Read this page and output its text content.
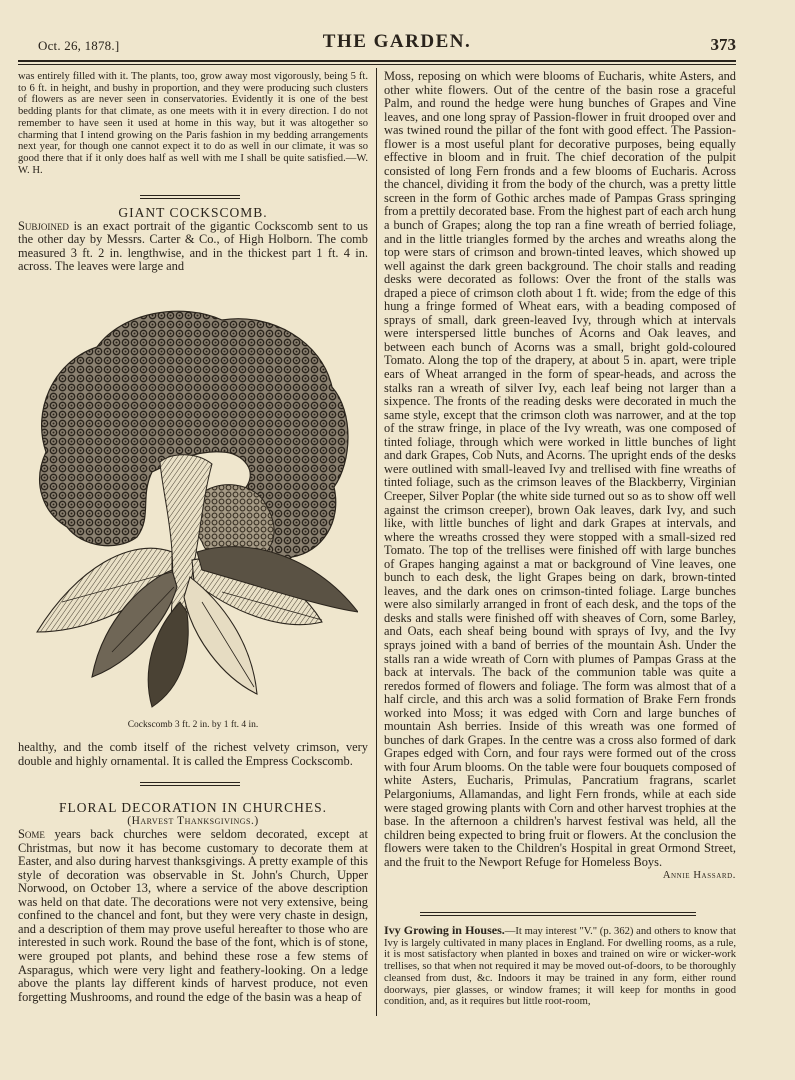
Oct. 26, 1878.]	THE GARDEN.	373

was entirely filled with it. The plants, too, grow away most vigorously, being 5 ft. to 6 ft. in height, and bushy in proportion, and they were producing such clusters of flowers as are never seen in conservatories. Evidently it is one of the best bedding plants for that climate, as one meets with it in every direction. I do not remember to have seen it used at home in this way, but it was altogether so charming that I intend growing on the Paris fashion in my bedding arrangements next year, for though one cannot expect it to do as well in our climate, it was so good there that if it only does half as well with me I shall be quite satisfied.—W. W. H.

GIANT COCKSCOMB.

Subjoined is an exact portrait of the gigantic Cockscomb sent to us the other day by Messrs. Carter & Co., of High Holborn. The comb measured 3 ft. 2 in. lengthwise, and in the thickest part 1 ft. 4 in. across. The leaves were large and

Cockscomb 3 ft. 2 in. by 1 ft. 4 in.

healthy, and the comb itself of the richest velvety crimson, very double and highly ornamental. It is called the Empress Cockscomb.

FLORAL DECORATION IN CHURCHES.

(Harvest Thanksgivings.)

Some years back churches were seldom decorated, except at Christmas, but now it has become customary to decorate them at Easter, and also during harvest thanksgivings. A pretty example of this style of decoration was observable in St. John's Church, Upper Norwood, on October 13, where a service of the above description was held on that date. The decorations were not very extensive, being confined to the chancel and font, but they were very chaste in design, and a description of them may prove useful hereafter to those who are interested in such work. Round the base of the font, which is of stone, were grouped pot plants, and behind these rose a few stems of Asparagus, which were very light and feathery-looking. On a ledge above the plants lay different kinds of harvest produce, not even forgetting Mushrooms, and round the edge of the basin was a heap of

Moss, reposing on which were blooms of Eucharis, white Asters, and other white flowers. Out of the centre of the basin rose a graceful Palm, and round the hedge were hung bunches of Grapes and Vine leaves, and one long spray of Passion-flower in fruit drooped over and was twined round the pillar of the font with good effect. The Passion-flower is a most useful plant for decorative purposes, being equally effective in bloom and in fruit. The chief decoration of the pulpit consisted of long Fern fronds and a few blooms of Eucharis. Across the chancel, dividing it from the body of the church, was a pretty little screen in the form of Gothic arches made of Pampas Grass springing from a prettily decorated base. From the highest part of each arch hung a bunch of Grapes; along the top ran a fine wreath of berried foliage, and in the little triangles formed by the arches and wreaths along the top were stars of crimson and brown-tinted leaves, which showed up well against the dark green background. The choir stalls and reading desks were decorated as follows: Over the front of the stalls was draped a piece of crimson cloth about 1 ft. wide; from the edge of this hung a fringe formed of Wheat ears, with a beading composed of sprays of small, dark green-leaved Ivy, through which at intervals were interspersed little bunches of Acorns and Oak leaves, and between each bunch of Acorns was a small, bright gold-coloured Tomato. Along the top of the drapery, at about 5 in. apart, were triple ears of Wheat arranged in the form of spear-heads, and across the stalks ran a wreath of silver Ivy, each leaf being not larger than a sixpence. The fronts of the reading desks were decorated in much the same style, except that the crimson cloth was narrower, and at the top of the straw fringe, in place of the Ivy wreath, was one composed of tinted foliage, through which were worked in little bunches of light and dark Grapes, Cob Nuts, and Acorns. The upright ends of the desks were outlined with small-leaved Ivy and trellised with fine wreaths of tinted foliage, such as the crimson leaves of the Blackberry, Virginian Creeper, Silver Poplar (the white side turned out so as to show off well against the crimson creeper), brown Oak leaves, dark Ivy, and such like, with little bunches of light and dark Grapes at intervals, and where the wreaths crossed they were stopped with a small-sized red Tomato. The top of the trellises were finished off with large bunches of Grapes hanging against a mat or background of Vine leaves, one bunch to each desk, the light Grapes being on dark, brown-tinted leaves, and the dark ones on crimson-tinted foliage. Large bunches were also similarly arranged in front of each desk, and the tops of the desks and stalls were finished off with sheaves of Corn, some Barley, and Oats, each sheaf being bound with sprays of Ivy, and the Ivy sprays joined with a band of berries of the mountain Ash. Under the stalls ran a wide wreath of Corn with plumes of Pampas Grass at the back at intervals. The back of the communion table was quite a reredos formed of flowers and foliage. The form was almost that of a half circle, and this arch was a solid formation of Brake Fern fronds worked into Moss; it was edged with Corn and large bunches of mountain Ash berries. Inside of this wreath was one formed of bunches of dark Grapes. In the centre was a cross also formed of dark Grapes edged with Corn, and four rays were formed out of the cross with four Arum blooms. On the table were four bouquets composed of white Asters, Eucharis, Primulas, Pancratium fragrans, scarlet Pelargoniums, Allamandas, and light Fern fronds, while at each side were staged growing plants with Corn and other harvest trophies at the base. In the afternoon a children's harvest festival was held, all the children being expected to bring fruit or flowers. At the conclusion the flowers were taken to the Children's Hospital in great Ormond Street, and the fruit to the Newport Refuge for Homeless Boys.

Annie Hassard.

Ivy Growing in Houses.—It may interest "V." (p. 362) and others to know that Ivy is largely cultivated in many places in England. For dwelling rooms, as a rule, it is most satisfactory when planted in boxes and trained on wire or wicker-work trellises, so that when not required it may be moved out-of-doors, to be thoroughly cleansed from dust, &c. Indoors it may be trained in any form, either round doorways, pier glasses, or window frames; it will keep for months in good condition, and, as it requires but little root-room,
